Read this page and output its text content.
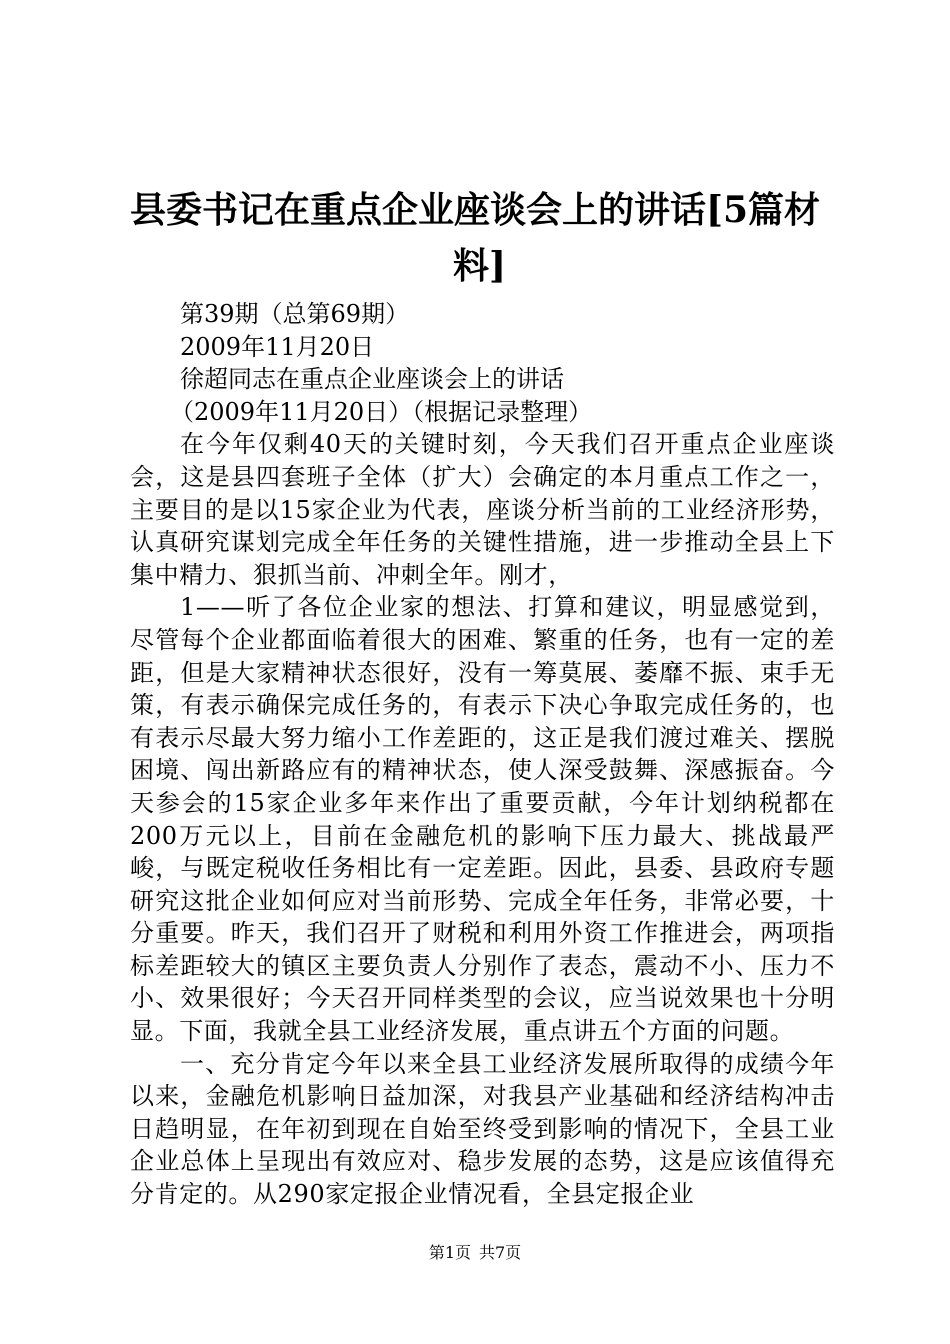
县委书记在重点企业座谈会上的讲话[5篇材
料]
第39期（总第69期）
2009年11月20日
徐超同志在重点企业座谈会上的讲话
（2009年11月20日）（根据记录整理）

在今年仅剩40天的关键时刻，今天我们召开重点企业座谈会，这是县四套班子全体（扩大）会确定的本月重点工作之一，主要目的是以15家企业为代表，座谈分析当前的工业经济形势，认真研究谋划完成全年任务的关键性措施，进一步推动全县上下集中精力、狠抓当前、冲刺全年。刚才，

1——听了各位企业家的想法、打算和建议，明显感觉到，尽管每个企业都面临着很大的困难、繁重的任务，也有一定的差距，但是大家精神状态很好，没有一筹莫展、萎靡不振、束手无策，有表示确保完成任务的，有表示下决心争取完成任务的，也有表示尽最大努力缩小工作差距的，这正是我们渡过难关、摆脱困境、闯出新路应有的精神状态，使人深受鼓舞、深感振奋。今天参会的15家企业多年来作出了重要贡献，今年计划纳税都在200万元以上，目前在金融危机的影响下压力最大、挑战最严峻，与既定税收任务相比有一定差距。因此，县委、县政府专题研究这批企业如何应对当前形势、完成全年任务，非常必要，十分重要。昨天，我们召开了财税和利用外资工作推进会，两项指标差距较大的镇区主要负责人分别作了表态，震动不小、压力不小、效果很好；今天召开同样类型的会议，应当说效果也十分明显。下面，我就全县工业经济发展，重点讲五个方面的问题。

一、充分肯定今年以来全县工业经济发展所取得的成绩今年以来，金融危机影响日益加深，对我县产业基础和经济结构冲击日趋明显，在年初到现在自始至终受到影响的情况下，全县工业企业总体上呈现出有效应对、稳步发展的态势，这是应该值得充分肯定的。从290家定报企业情况看，全县定报企业

第1页 共7页
